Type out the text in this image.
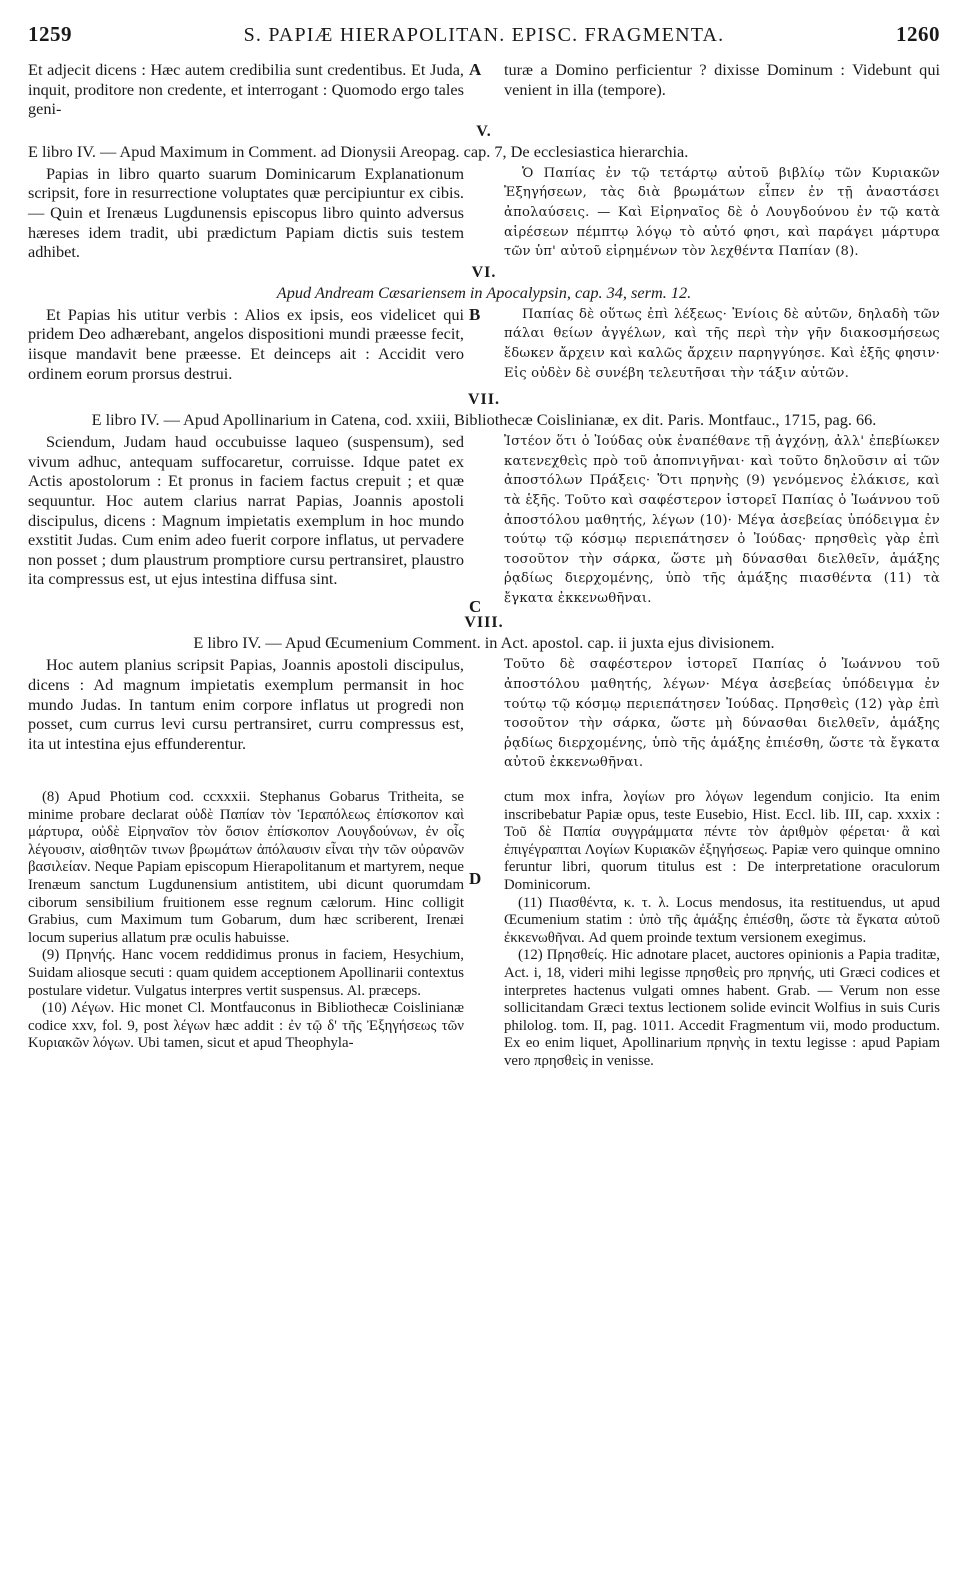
1259	S. PAPIÆ HIERAPOLITAN. EPISC. FRAGMENTA.	1260
Et adjecit dicens : Hæc autem credibilia sunt credentibus. Et Juda, inquit, proditore non credente, et interrogant : Quomodo ergo tales geni-
A turæ a Domino perficientur ? dixisse Dominum : Videbunt qui venient in illa (tempore).
V.
E libro IV. — Apud Maximum in Comment. ad Dionysii Areopag. cap. 7, De ecclesiastica hierarchia.

Papias in libro quarto suarum Dominicarum Explanationum scripsit, fore in resurrectione voluptates quæ percipiuntur ex cibis. — Quin et Irenæus Lugdunensis episcopus libro quinto adversus hæreses idem tradit, ubi prædictum Papiam dictis suis testem adhibet.

Ὁ Παπίας ἐν τῷ τετάρτῳ αὐτοῦ βιβλίῳ τῶν Κυριακῶν Ἐξηγήσεων, τὰς διὰ βρωμάτων εἶπεν ἐν τῇ ἀναστάσει ἀπολαύσεις. — Καὶ Εἰρηναῖος δὲ ὁ Λουγδούνου ἐν τῷ κατὰ αἱρέσεων πέμπτῳ λόγῳ τὸ αὐτό φησι, καὶ παράγει μάρτυρα τῶν ὑπ' αὐτοῦ εἰρημένων τὸν λεχθέντα Παπίαν (8).

VI.
Apud Andream Cæsariensem in Apocalypsin, cap. 34, serm. 12.

Et Papias his utitur verbis : Alios ex ipsis, eos videlicet qui pridem Deo adhærebant, angelos dispositioni mundi præesse fecit, iisque mandavit bene præesse. Et deinceps ait : Accidit vero ordinem eorum prorsus destrui.

B	Παπίας δὲ οὕτως ἐπὶ λέξεως· Ἐνίοις δὲ αὐτῶν, δηλαδὴ τῶν πάλαι θείων ἀγγέλων, καὶ τῆς περὶ τὴν γῆν διακοσμήσεως ἔδωκεν ἄρχειν καὶ καλῶς ἄρχειν παρηγγύησε. Καὶ ἑξῆς φησιν· Εἰς οὐδὲν δὲ συνέβη τελευτῆσαι τὴν τάξιν αὐτῶν.

VII.
E libro IV. — Apud Apollinarium in Catena, cod. xxiii, Bibliothecæ Coislinianæ, ex dit. Paris. Montfauc., 1715, pag. 66.

Sciendum, Judam haud occubuisse laqueo (suspensum), sed vivum adhuc, antequam suffocaretur, corruisse. Idque patet ex Actis apostolorum : Et pronus in faciem factus crepuit ; et quæ sequuntur. Hoc autem clarius narrat Papias, Joannis apostoli discipulus, dicens : Magnum impietatis exemplum in hoc mundo exstitit Judas. Cum enim adeo fuerit corpore inflatus, ut pervadere non posset ; dum plaustrum promptiore cursu pertransiret, plaustro ita compressus est, ut ejus intestina diffusa sint.

C

Ἰστέον ὅτι ὁ Ἰούδας οὐκ ἐναπέθανε τῇ ἀγχόνῃ, ἀλλ' ἐπεβίωκεν κατενεχθεὶς πρὸ τοῦ ἀποπνιγῆναι· καὶ τοῦτο δηλοῦσιν αἱ τῶν ἀποστόλων Πράξεις· Ὅτι πρηνὴς (9) γενόμενος ἐλάκισε, καὶ τὰ ἑξῆς. Τοῦτο καὶ σαφέστερον ἱστορεῖ Παπίας ὁ Ἰωάννου τοῦ ἀποστόλου μαθητής, λέγων (10)· Μέγα ἀσεβείας ὑπόδειγμα ἐν τούτῳ τῷ κόσμῳ περιεπάτησεν ὁ Ἰούδας· πρησθεὶς γὰρ ἐπὶ τοσοῦτον τὴν σάρκα, ὥστε μὴ δύνασθαι διελθεῖν, ἁμάξης ῥᾳδίως διερχομένης, ὑπὸ τῆς ἁμάξης πιασθέντα (11) τὰ ἔγκατα ἐκκενωθῆναι.

VIII.
E libro IV. — Apud Œcumenium Comment. in Act. apostol. cap. ii juxta ejus divisionem.

Hoc autem planius scripsit Papias, Joannis apostoli discipulus, dicens : Ad magnum impietatis exemplum permansit in hoc mundo Judas. In tantum enim corpore inflatus ut progredi non posset, cum currus levi cursu pertransiret, curru compressus est, ita ut intestina ejus effunderentur.

Τοῦτο δὲ σαφέστερον ἱστορεῖ Παπίας ὁ Ἰωάννου τοῦ ἀποστόλου μαθητής, λέγων· Μέγα ἀσεβείας ὑπόδειγμα ἐν τούτῳ τῷ κόσμῳ περιεπάτησεν Ἰούδας. Πρησθεὶς (12) γὰρ ἐπὶ τοσοῦτον τὴν σάρκα, ὥστε μὴ δύνασθαι διελθεῖν, ἁμάξης ῥᾳδίως διερχομένης, ὑπὸ τῆς ἁμάξης ἐπιέσθη, ὥστε τὰ ἔγκατα αὐτοῦ ἐκκενωθῆναι.

(8) Apud Photium cod. ccxxxii. Stephanus Gobarus Tritheita, se minime probare declarat οὐδὲ Παπίαν τὸν Ἱεραπόλεως ἐπίσκοπον καὶ μάρτυρα, οὐδὲ Εἰρηναῖον τὸν ὅσιον ἐπίσκοπον Λουγδούνων, ἐν οἷς λέγουσιν, αἰσθητῶν τινων βρωμάτων ἀπόλαυσιν εἶναι τὴν τῶν οὐρανῶν βασιλείαν. Neque Papiam episcopum Hierapolitanum et martyrem, neque Irenæum sanctum Lugdunensium antistitem, ubi dicunt quorumdam ciborum sensibilium fruitionem esse regnum cælorum. Hinc colligit Grabius, cum Maximum tum Gobarum, dum hæc scriberent, Irenæi locum superius allatum præ oculis habuisse.

(9) Πρηνής. Hanc vocem reddidimus pronus in faciem, Hesychium, Suidam aliosque secuti : quam quidem acceptionem Apollinarii contextus postulare videtur. Vulgatus interpres vertit suspensus. Al. præceps.

(10) Λέγων. Hic monet Cl. Montfauconus in Bibliothecæ Coislinianæ codice xxv, fol. 9, post λέγων hæc addit : ἐν τῷ δ' τῆς Ἐξηγήσεως τῶν Κυριακῶν λόγων. Ubi tamen, sicut et apud Theophyla-

D

ctum mox infra, λογίων pro λόγων legendum conjicio. Ita enim inscribebatur Papiæ opus, teste Eusebio, Hist. Eccl. lib. III, cap. xxxix : Τοῦ δὲ Παπία συγγράμματα πέντε τὸν ἀριθμὸν φέρεται· ἃ καὶ ἐπιγέγραπται Λογίων Κυριακῶν ἐξηγήσεως. Papiæ vero quinque omnino feruntur libri, quorum titulus est : De interpretatione oraculorum Dominicorum.

(11) Πιασθέντα, κ. τ. λ. Locus mendosus, ita restituendus, ut apud Œcumenium statim : ὑπὸ τῆς ἁμάξης ἐπιέσθη, ὥστε τὰ ἔγκατα αὐτοῦ ἐκκενωθῆναι. Ad quem proinde textum versionem exegimus.

(12) Πρησθείς. Hic adnotare placet, auctores opinionis a Papia traditæ, Act. i, 18, videri mihi legisse πρησθεὶς pro πρηνής, uti Græci codices et interpretes hactenus vulgati omnes habent. Grab. — Verum non esse sollicitandam Græci textus lectionem solide evincit Wolfius in suis Curis philolog. tom. II, pag. 1011. Accedit Fragmentum vii, modo productum. Ex eo enim liquet, Apollinarium πρηνὴς in textu legisse : apud Papiam vero πρησθεὶς in venisse.
